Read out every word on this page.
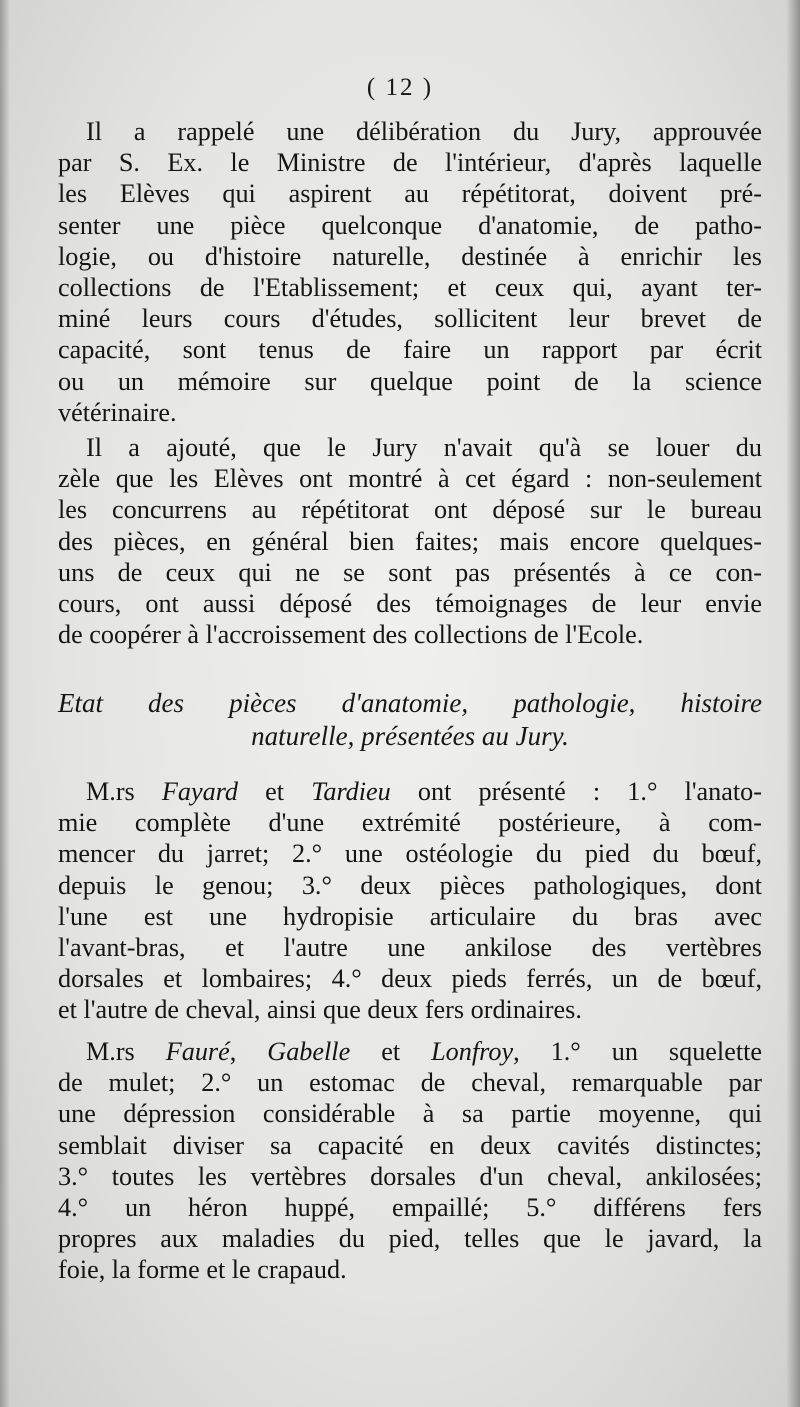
( 12 )
Il a rappelé une délibération du Jury, approuvée
par S. Ex. le Ministre de l'intérieur, d'après laquelle
les Elèves qui aspirent au répétitorat, doivent pré-
senter une pièce quelconque d'anatomie, de patho-
logie, ou d'histoire naturelle, destinée à enrichir les
collections de l'Etablissement; et ceux qui, ayant ter-
miné leurs cours d'études, sollicitent leur brevet de
capacité, sont tenus de faire un rapport par écrit
ou un mémoire sur quelque point de la science
vétérinaire.
Il a ajouté, que le Jury n'avait qu'à se louer du
zèle que les Elèves ont montré à cet égard : non-seulement
les concurrens au répétitorat ont déposé sur le bureau
des pièces, en général bien faites; mais encore quelques-
uns de ceux qui ne se sont pas présentés à ce con-
cours, ont aussi déposé des témoignages de leur envie
de coopérer à l'accroissement des collections de l'Ecole.
Etat des pièces d'anatomie, pathologie, histoire
naturelle, présentées au Jury.
M.rs Fayard et Tardieu ont présenté : 1.° l'anato-
mie complète d'une extrémité postérieure, à com-
mencer du jarret; 2.° une ostéologie du pied du bœuf,
depuis le genou; 3.° deux pièces pathologiques, dont
l'une est une hydropisie articulaire du bras avec
l'avant-bras, et l'autre une ankilose des vertèbres
dorsales et lombaires; 4.° deux pieds ferrés, un de bœuf,
et l'autre de cheval, ainsi que deux fers ordinaires.
M.rs Fauré, Gabelle et Lonfroy, 1.° un squelette
de mulet; 2.° un estomac de cheval, remarquable par
une dépression considérable à sa partie moyenne, qui
semblait diviser sa capacité en deux cavités distinctes;
3.° toutes les vertèbres dorsales d'un cheval, ankilosées;
4.° un héron huppé, empaillé; 5.° différens fers
propres aux maladies du pied, telles que le javard, la
foie, la forme et le crapaud.
